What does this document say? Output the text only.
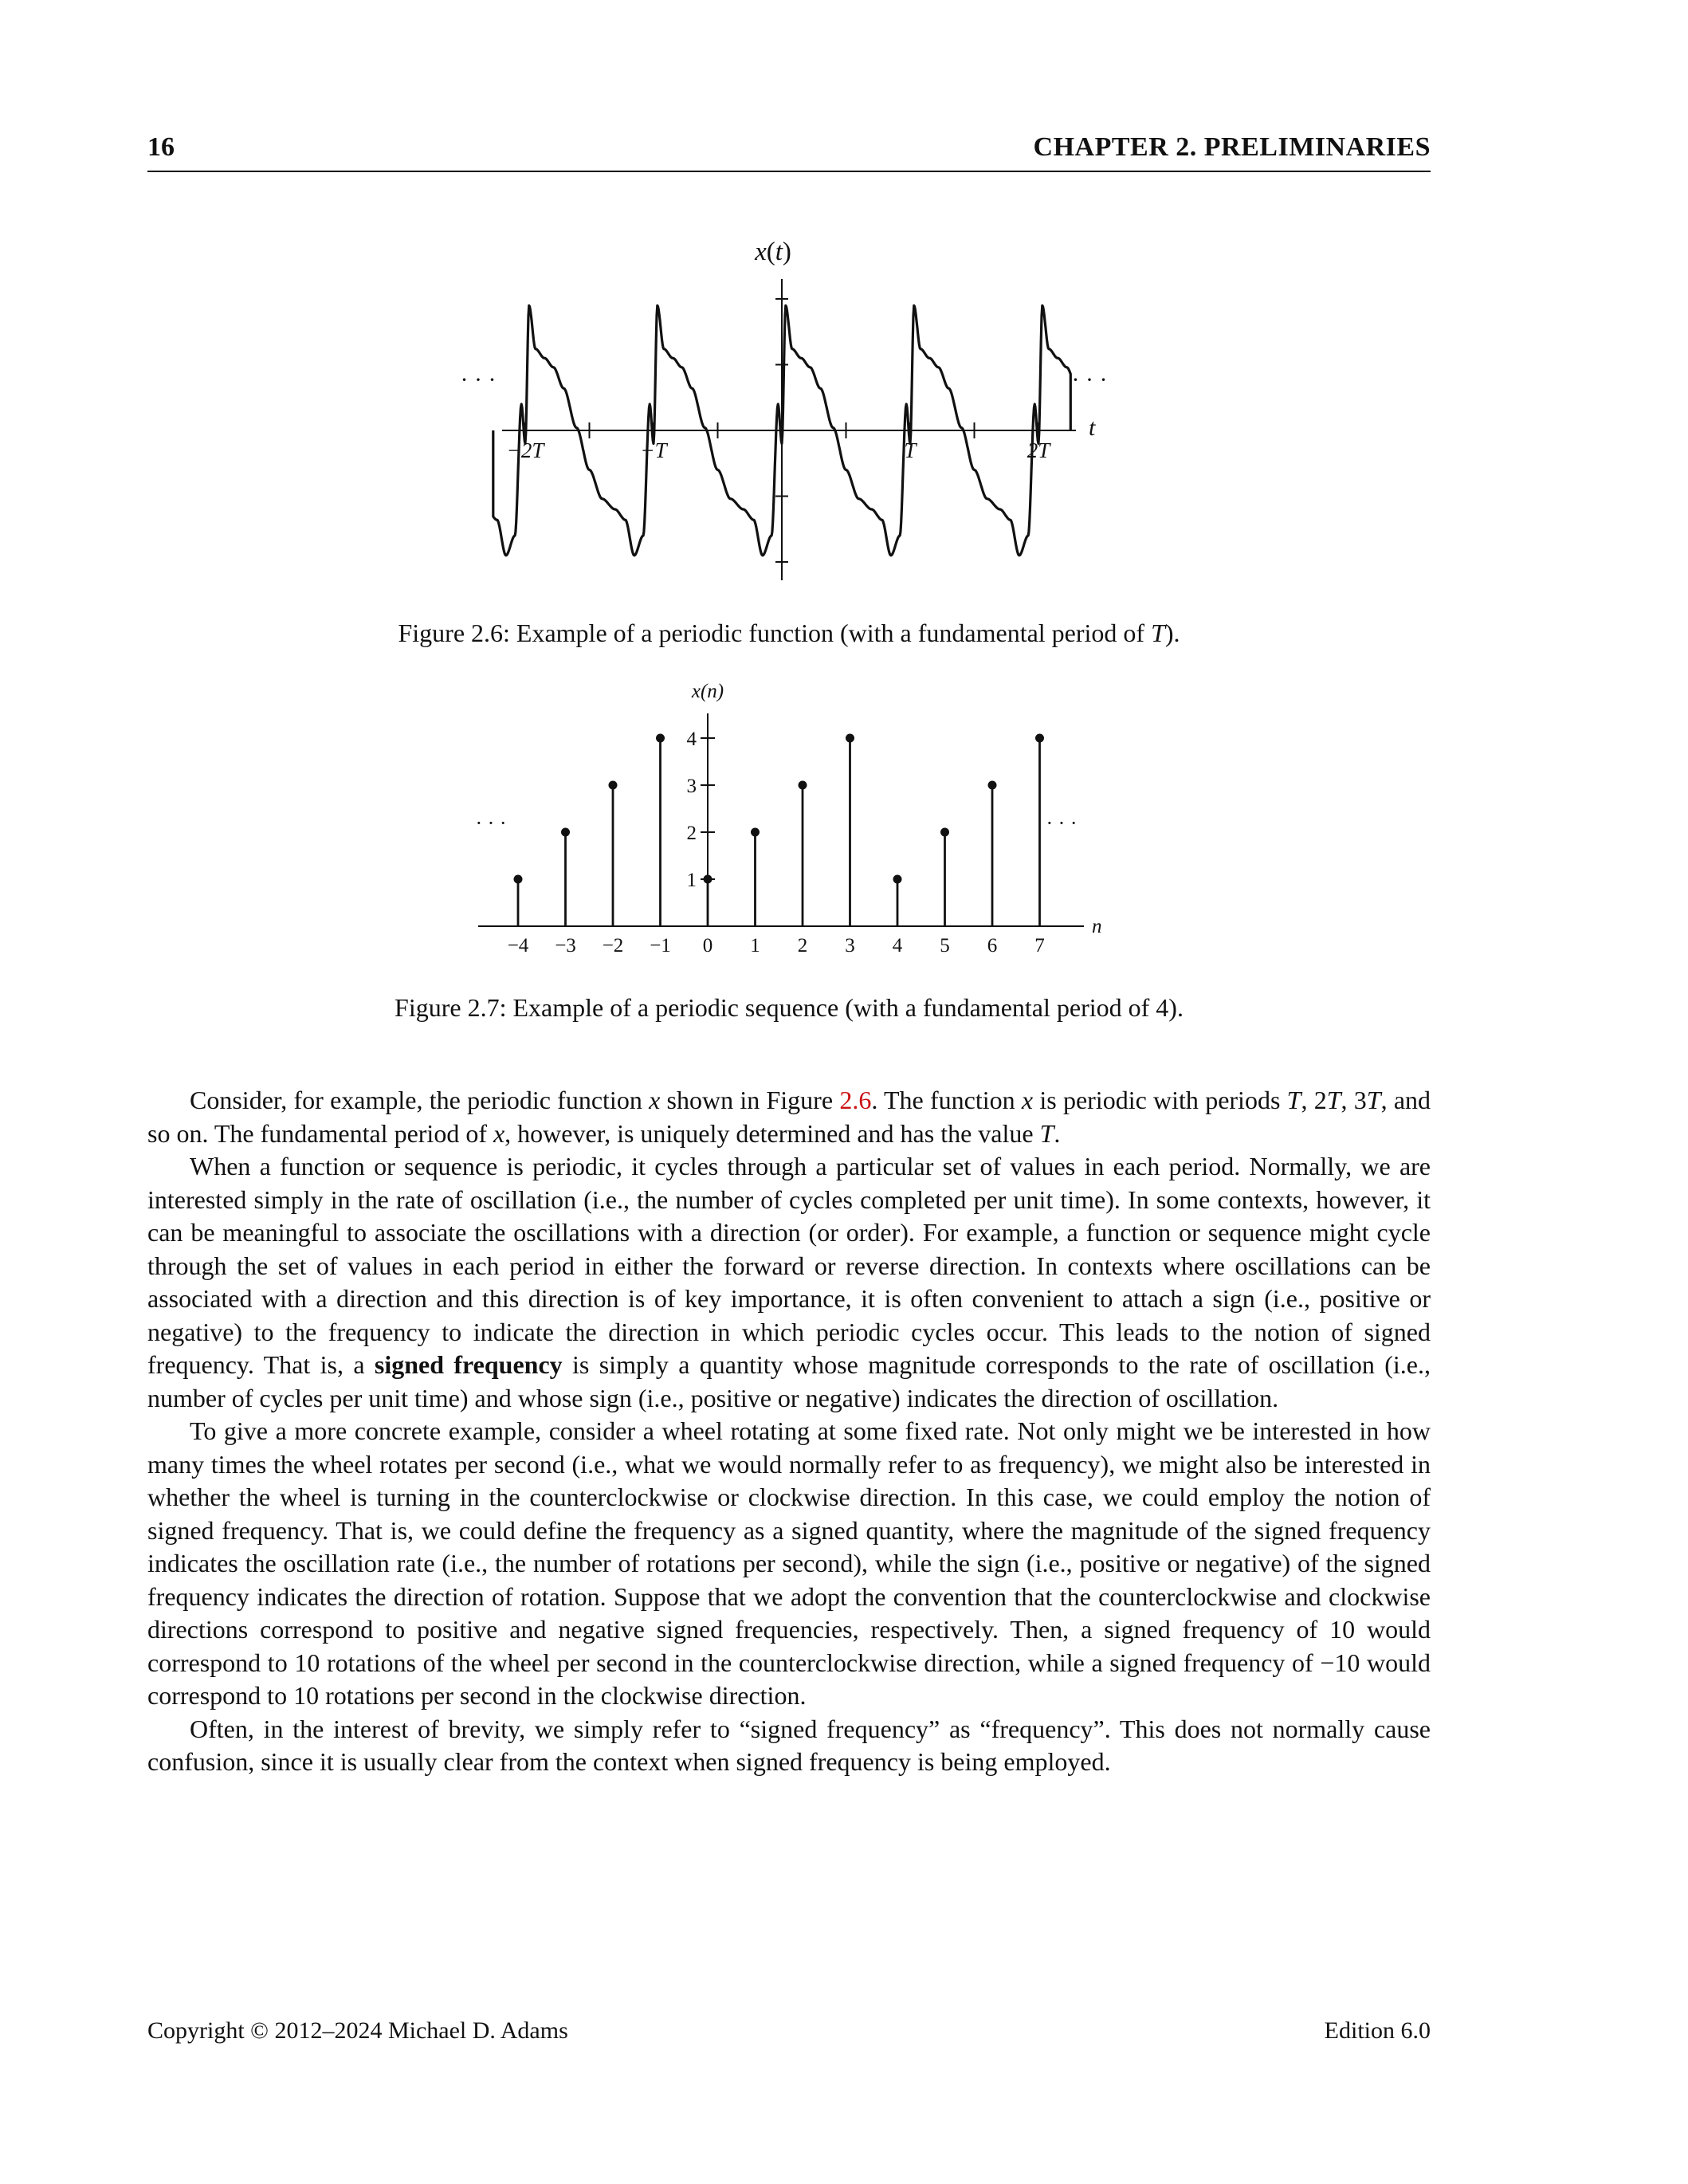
16	CHAPTER 2. PRELIMINARIES
x(t)
−2T	−T	T	2T
t
· · ·	· · ·
Figure 2.6: Example of a periodic function (with a fundamental period of T).
x(n)
1
2
3
4
−4 −3 −2 −1 0 1 2 3 4 5 6 7
n
· · ·	· · ·
Figure 2.7: Example of a periodic sequence (with a fundamental period of 4).

Consider, for example, the periodic function x shown in Figure 2.6. The function x is periodic with periods T, 2T, 3T, and so on. The fundamental period of x, however, is uniquely determined and has the value T.

When a function or sequence is periodic, it cycles through a particular set of values in each period. Normally, we are interested simply in the rate of oscillation (i.e., the number of cycles completed per unit time). In some contexts, however, it can be meaningful to associate the oscillations with a direction (or order). For example, a function or sequence might cycle through the set of values in each period in either the forward or reverse direction. In contexts where oscillations can be associated with a direction and this direction is of key importance, it is often convenient to attach a sign (i.e., positive or negative) to the frequency to indicate the direction in which periodic cycles occur. This leads to the notion of signed frequency. That is, a signed frequency is simply a quantity whose magnitude corresponds to the rate of oscillation (i.e., number of cycles per unit time) and whose sign (i.e., positive or negative) indicates the direction of oscillation.

To give a more concrete example, consider a wheel rotating at some fixed rate. Not only might we be interested in how many times the wheel rotates per second (i.e., what we would normally refer to as frequency), we might also be interested in whether the wheel is turning in the counterclockwise or clockwise direction. In this case, we could employ the notion of signed frequency. That is, we could define the frequency as a signed quantity, where the magnitude of the signed frequency indicates the oscillation rate (i.e., the number of rotations per second), while the sign (i.e., positive or negative) of the signed frequency indicates the direction of rotation. Suppose that we adopt the convention that the counterclockwise and clockwise directions correspond to positive and negative signed frequencies, respectively. Then, a signed frequency of 10 would correspond to 10 rotations of the wheel per second in the counterclockwise direction, while a signed frequency of −10 would correspond to 10 rotations per second in the clockwise direction.

Often, in the interest of brevity, we simply refer to “signed frequency” as “frequency”. This does not normally cause confusion, since it is usually clear from the context when signed frequency is being employed.

Copyright © 2012–2024 Michael D. Adams	Edition 6.0
